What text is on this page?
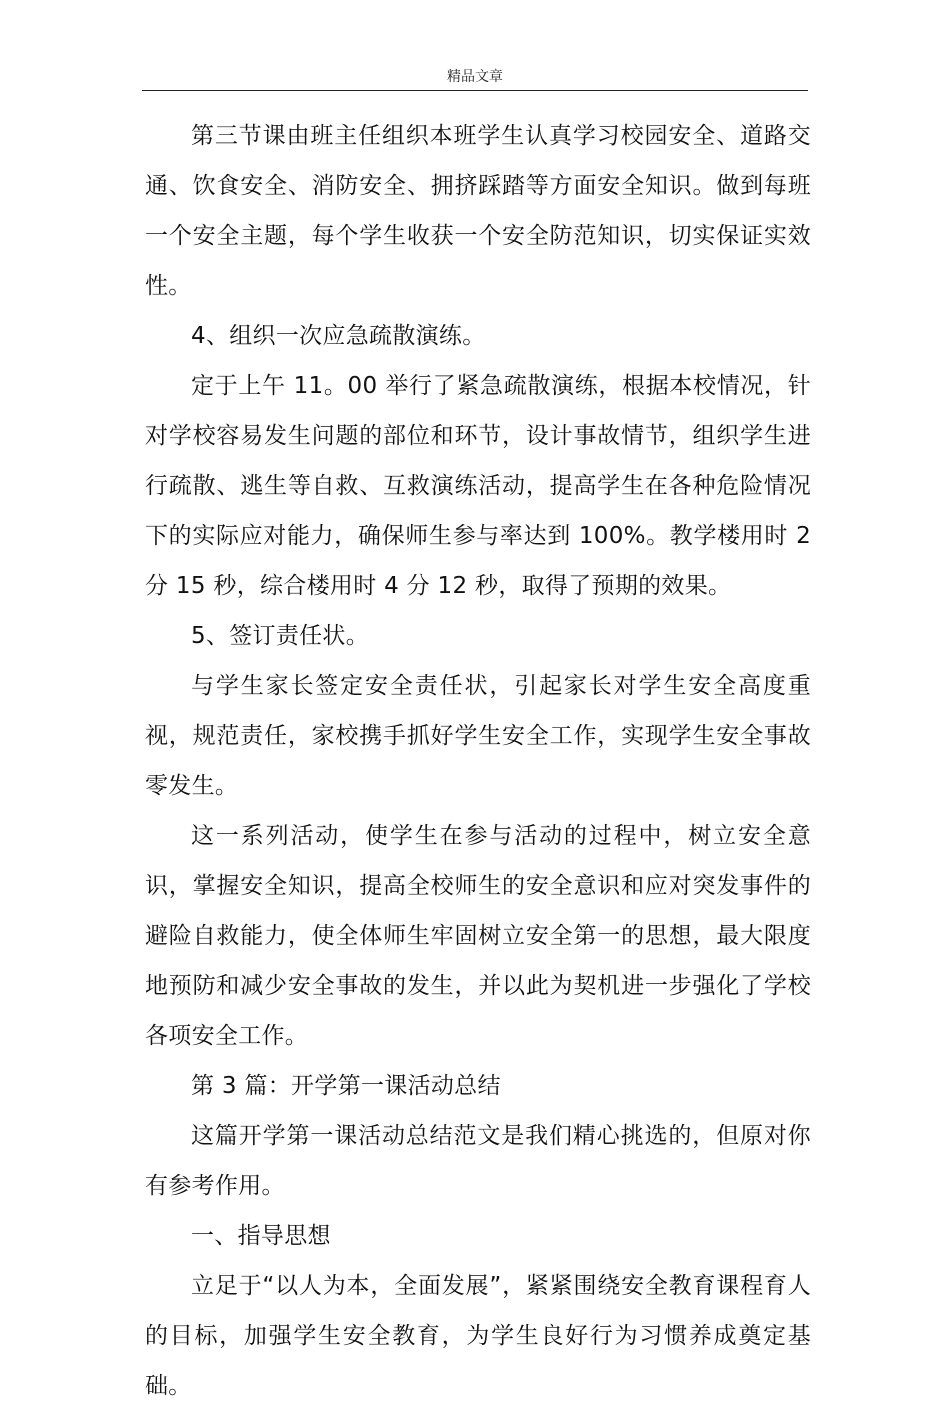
精品文章

第三节课由班主任组织本班学生认真学习校园安全、道路交通、饮食安全、消防安全、拥挤踩踏等方面安全知识。做到每班一个安全主题，每个学生收获一个安全防范知识，切实保证实效性。

4、组织一次应急疏散演练。

定于上午 11。00 举行了紧急疏散演练，根据本校情况，针对学校容易发生问题的部位和环节，设计事故情节，组织学生进行疏散、逃生等自救、互救演练活动，提高学生在各种危险情况下的实际应对能力，确保师生参与率达到 100%。教学楼用时 2 分 15 秒，综合楼用时 4 分 12 秒，取得了预期的效果。

5、签订责任状。

与学生家长签定安全责任状，引起家长对学生安全高度重视，规范责任，家校携手抓好学生安全工作，实现学生安全事故零发生。

这一系列活动，使学生在参与活动的过程中，树立安全意识，掌握安全知识，提高全校师生的安全意识和应对突发事件的避险自救能力，使全体师生牢固树立安全第一的思想，最大限度地预防和减少安全事故的发生，并以此为契机进一步强化了学校各项安全工作。

第 3 篇：开学第一课活动总结

这篇开学第一课活动总结范文是我们精心挑选的，但原对你有参考作用。

一、指导思想

立足于“以人为本，全面发展”，紧紧围绕安全教育课程育人的目标，加强学生安全教育，为学生良好行为习惯养成奠定基础。
